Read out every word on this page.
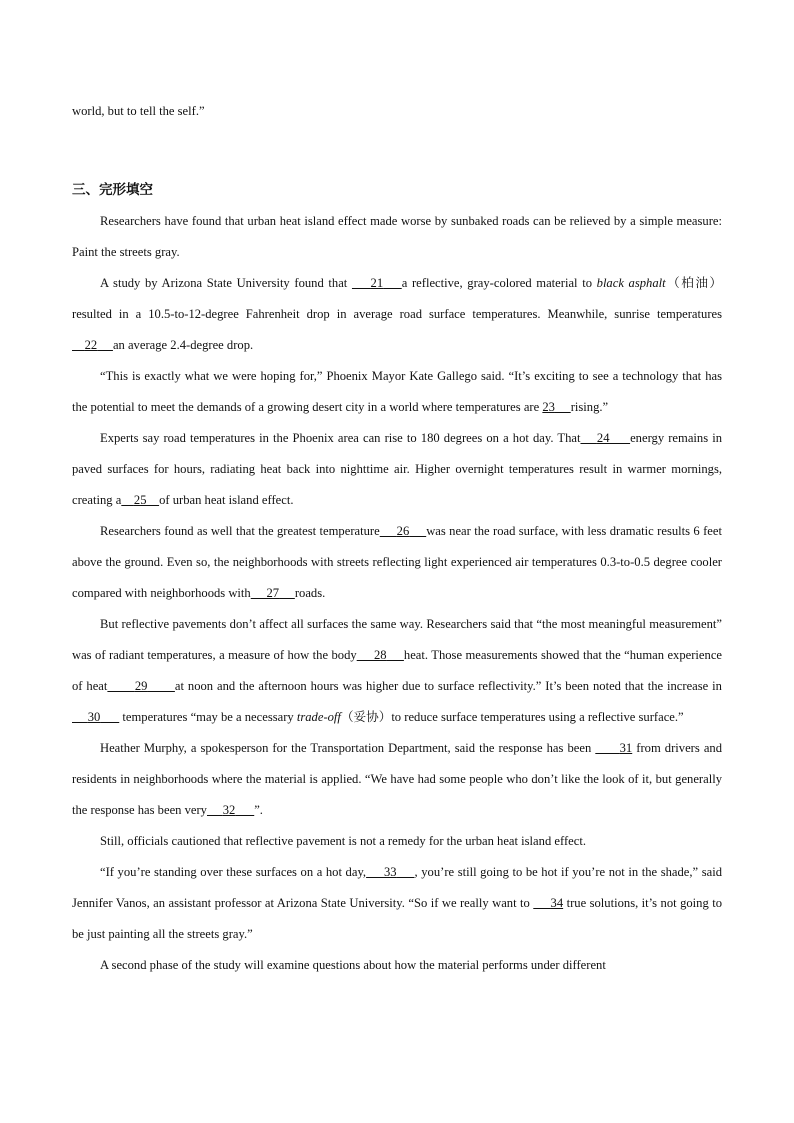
world, but to tell the self.”

三、完形填空

Researchers have found that urban heat island effect made worse by sunbaked roads can be relieved by a simple measure: Paint the streets gray.

A study by Arizona State University found that     21 a reflective, gray-colored material to black asphalt（柏油）resulted in a 10.5-to-12-degree Fahrenheit drop in average road surface temperatures. Meanwhile, sunrise temperatures     22 an average 2.4-degree drop.

“This is exactly what we were hoping for,” Phoenix Mayor Kate Gallego said. “It’s exciting to see a technology that has the potential to meet the demands of a growing desert city in a world where temperatures are 23 rising.”

Experts say road temperatures in the Phoenix area can rise to 180 degrees on a hot day. That 24 energy remains in paved surfaces for hours, radiating heat back into nighttime air. Higher overnight temperatures result in warmer mornings, creating a 25 of urban heat island effect.

Researchers found as well that the greatest temperature 26 was near the road surface, with less dramatic results 6 feet above the ground. Even so, the neighborhoods with streets reflecting light experienced air temperatures 0.3-to-0.5 degree cooler compared with neighborhoods with 27 roads.

But reflective pavements don’t affect all surfaces the same way. Researchers said that “the most meaningful measurement” was of radiant temperatures, a measure of how the body 28 heat. Those measurements showed that the “human experience of heat 29 at noon and the afternoon hours was higher due to surface reflectivity.” It’s been noted that the increase in     30       temperatures “may be a necessary trade-off（妥协）to reduce surface temperatures using a reflective surface.”

Heather Murphy, a spokesperson for the Transportation Department, said the response has been       31 from drivers and residents in neighborhoods where the material is applied. “We have had some people who don’t like the look of it, but generally the response has been very 32 ”.

Still, officials cautioned that reflective pavement is not a remedy for the urban heat island effect.

“If you’re standing over these surfaces on a hot day, 33 , you’re still going to be hot if you’re not in the shade,” said Jennifer Vanos, an assistant professor at Arizona State University. “So if we really want to      34 true solutions, it’s not going to be just painting all the streets gray.”

A second phase of the study will examine questions about how the material performs under different
